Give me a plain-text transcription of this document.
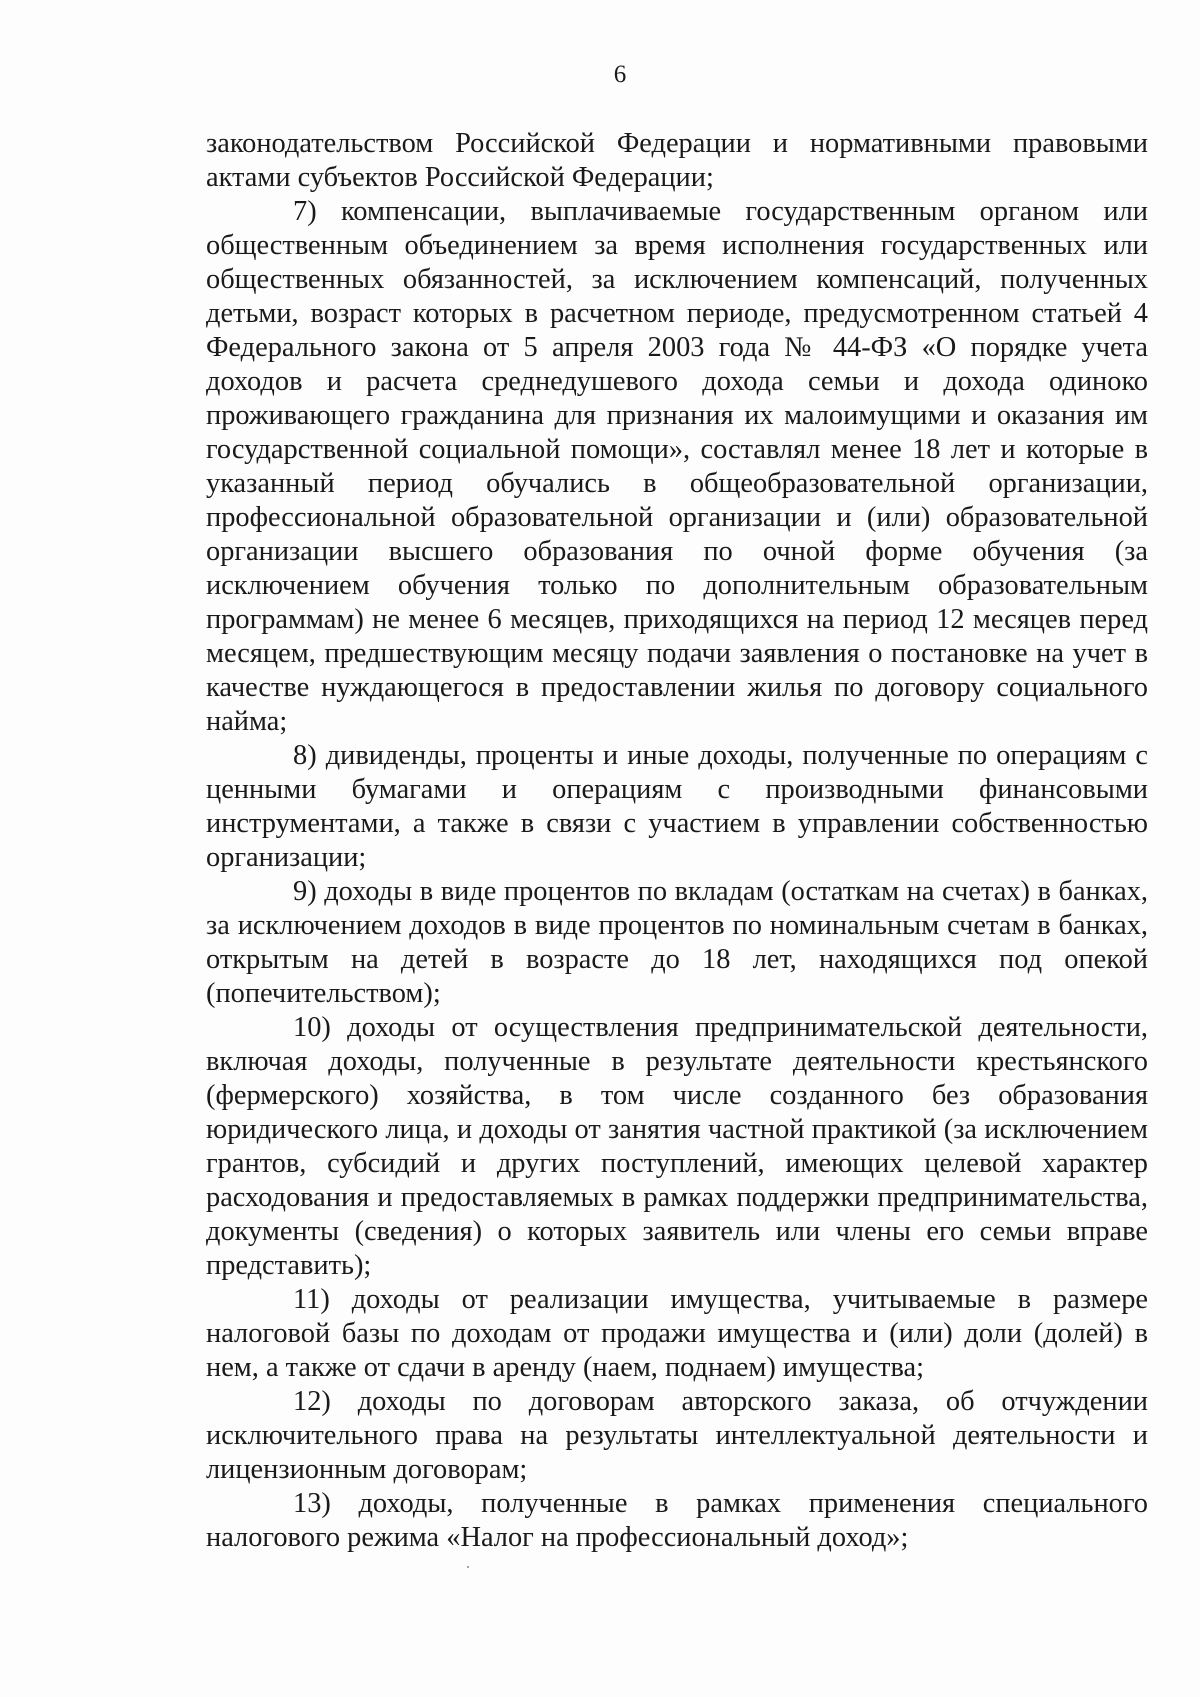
6

законодательством Российской Федерации и нормативными правовыми актами субъектов Российской Федерации;

7) компенсации, выплачиваемые государственным органом или общественным объединением за время исполнения государственных или общественных обязанностей, за исключением компенсаций, полученных детьми, возраст которых в расчетном периоде, предусмотренном статьей 4 Федерального закона от 5 апреля 2003 года № 44-ФЗ «О порядке учета доходов и расчета среднедушевого дохода семьи и дохода одиноко проживающего гражданина для признания их малоимущими и оказания им государственной социальной помощи», составлял менее 18 лет и которые в указанный период обучались в общеобразовательной организации, профессиональной образовательной организации и (или) образовательной организации высшего образования по очной форме обучения (за исключением обучения только по дополнительным образовательным программам) не менее 6 месяцев, приходящихся на период 12 месяцев перед месяцем, предшествующим месяцу подачи заявления о постановке на учет в качестве нуждающегося в предоставлении жилья по договору социального найма;

8) дивиденды, проценты и иные доходы, полученные по операциям с ценными бумагами и операциям с производными финансовыми инструментами, а также в связи с участием в управлении собственностью организации;

9) доходы в виде процентов по вкладам (остаткам на счетах) в банках, за исключением доходов в виде процентов по номинальным счетам в банках, открытым на детей в возрасте до 18 лет, находящихся под опекой (попечительством);

10) доходы от осуществления предпринимательской деятельности, включая доходы, полученные в результате деятельности крестьянского (фермерского) хозяйства, в том числе созданного без образования юридического лица, и доходы от занятия частной практикой (за исключением грантов, субсидий и других поступлений, имеющих целевой характер расходования и предоставляемых в рамках поддержки предпринимательства, документы (сведения) о которых заявитель или члены его семьи вправе представить);

11) доходы от реализации имущества, учитываемые в размере налоговой базы по доходам от продажи имущества и (или) доли (долей) в нем, а также от сдачи в аренду (наем, поднаем) имущества;

12) доходы по договорам авторского заказа, об отчуждении исключительного права на результаты интеллектуальной деятельности и лицензионным договорам;

13) доходы, полученные в рамках применения специального налогового режима «Налог на профессиональный доход»;
